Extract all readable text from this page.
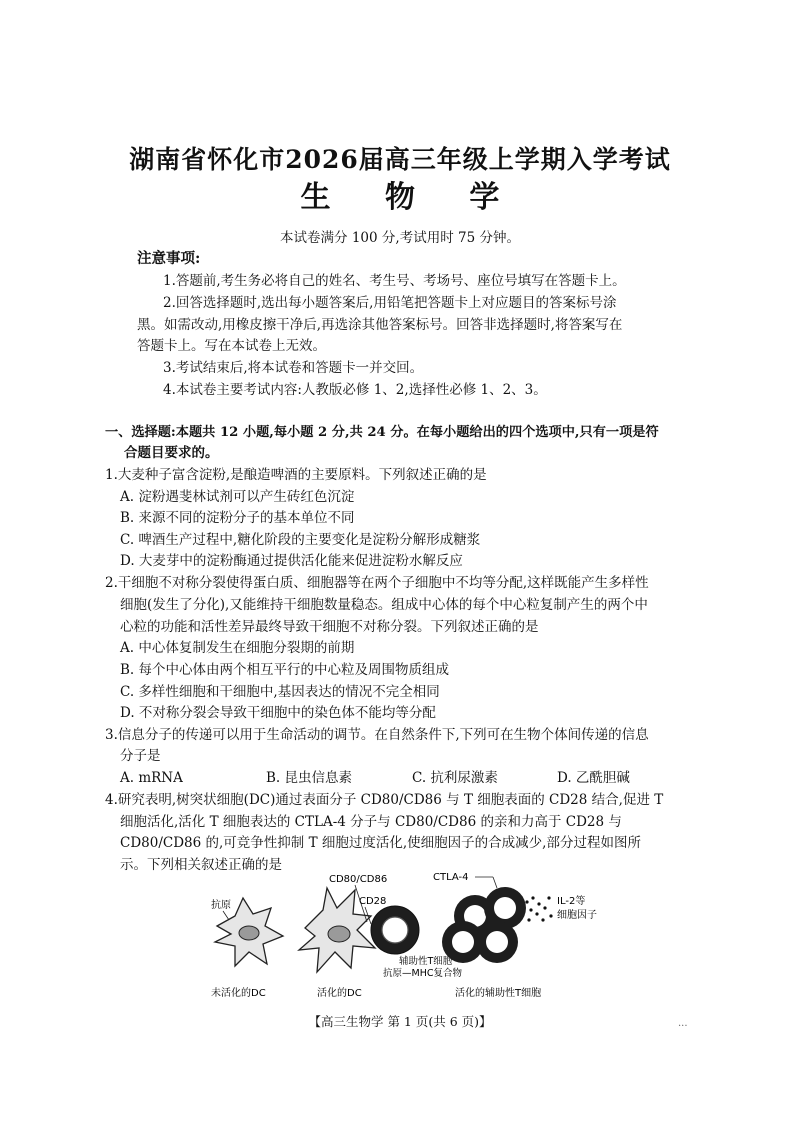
湖南省怀化市2026届高三年级上学期入学考试
生 物 学
本试卷满分 100 分,考试用时 75 分钟。
注意事项:
1.答题前,考生务必将自己的姓名、考生号、考场号、座位号填写在答题卡上。
2.回答选择题时,选出每小题答案后,用铅笔把答题卡上对应题目的答案标号涂
黑。如需改动,用橡皮擦干净后,再选涂其他答案标号。回答非选择题时,将答案写在
答题卡上。写在本试卷上无效。
3.考试结束后,将本试卷和答题卡一并交回。
4.本试卷主要考试内容:人教版必修 1、2,选择性必修 1、2、3。
一、选择题:本题共 12 小题,每小题 2 分,共 24 分。在每小题给出的四个选项中,只有一项是符
合题目要求的。
1.大麦种子富含淀粉,是酿造啤酒的主要原料。下列叙述正确的是
A. 淀粉遇斐林试剂可以产生砖红色沉淀
B. 来源不同的淀粉分子的基本单位不同
C. 啤酒生产过程中,糖化阶段的主要变化是淀粉分解形成糖浆
D. 大麦芽中的淀粉酶通过提供活化能来促进淀粉水解反应
2.干细胞不对称分裂使得蛋白质、细胞器等在两个子细胞中不均等分配,这样既能产生多样性
细胞(发生了分化),又能维持干细胞数量稳态。组成中心体的每个中心粒复制产生的两个中
心粒的功能和活性差异最终导致干细胞不对称分裂。下列叙述正确的是
A. 中心体复制发生在细胞分裂期的前期
B. 每个中心体由两个相互平行的中心粒及周围物质组成
C. 多样性细胞和干细胞中,基因表达的情况不完全相同
D. 不对称分裂会导致干细胞中的染色体不能均等分配
3.信息分子的传递可以用于生命活动的调节。在自然条件下,下列可在生物个体间传递的信息
分子是
A. mRNA	B. 昆虫信息素	C. 抗利尿激素	D. 乙酰胆碱
4.研究表明,树突状细胞(DC)通过表面分子 CD80/CD86 与 T 细胞表面的 CD28 结合,促进 T
细胞活化,活化 T 细胞表达的 CTLA-4 分子与 CD80/CD86 的亲和力高于 CD28 与
CD80/CD86 的,可竞争性抑制 T 细胞过度活化,使细胞因子的合成减少,部分过程如图所
示。下列相关叙述正确的是
抗原
未活化的DC	活化的DC
CD80/CD86
CD28
辅助性T细胞
抗原—MHC复合物
CTLA-4
IL-2等
细胞因子
活化的辅助性T细胞
【高三生物学 第 1 页(共 6 页)】	...
